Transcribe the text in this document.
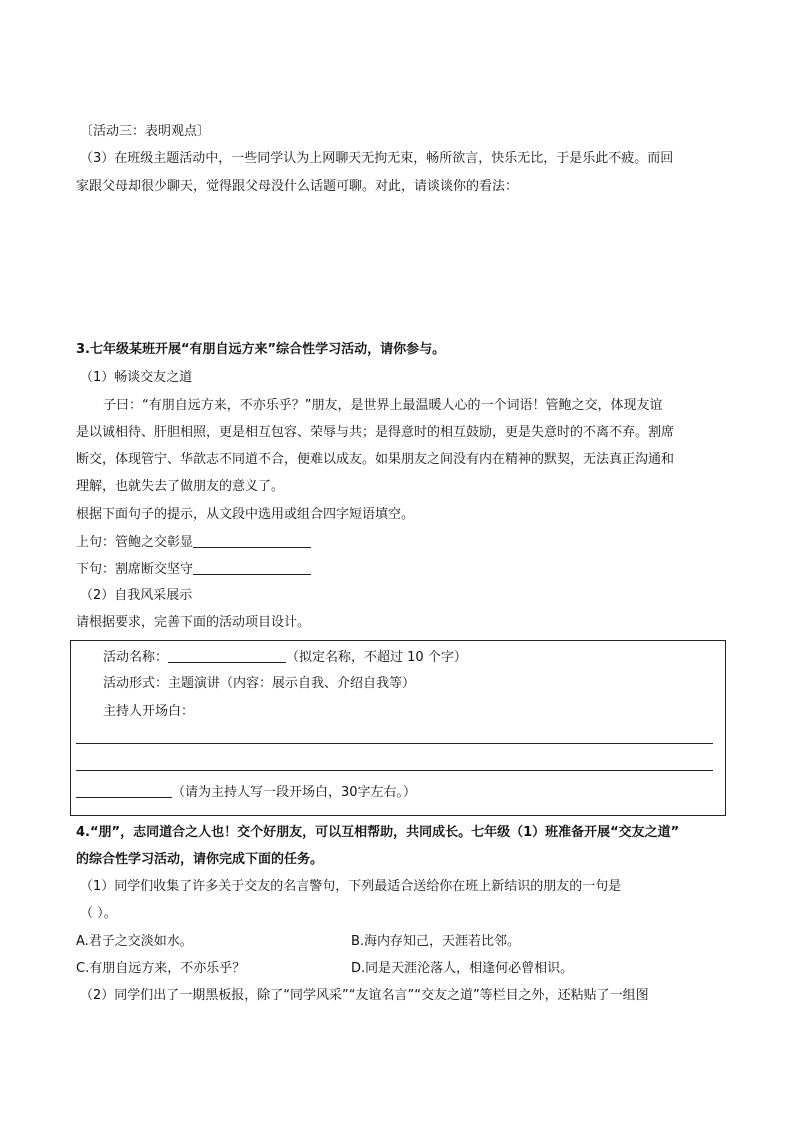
〔活动三：表明观点〕
（3）在班级主题活动中，一些同学认为上网聊天无拘无束，畅所欲言，快乐无比，于是乐此不疲。而回
家跟父母却很少聊天，觉得跟父母没什么话题可聊。对此，请谈谈你的看法：
3.七年级某班开展“有朋自远方来”综合性学习活动，请你参与。
（1）畅谈交友之道
子曰：“有朋自远方来，不亦乐乎？”朋友，是世界上最温暖人心的一个词语！管鲍之交，体现友谊
是以诚相待、肝胆相照，更是相互包容、荣辱与共；是得意时的相互鼓励，更是失意时的不离不弃。割席
断交，体现管宁、华歆志不同道不合，便难以成友。如果朋友之间没有内在精神的默契，无法真正沟通和
理解，也就失去了做朋友的意义了。
根据下面句子的提示，从文段中选用或组合四字短语填空。
上句：管鲍之交彰显
下句：割席断交坚守
（2）自我风采展示
请根据要求，完善下面的活动项目设计。
活动名称：	（拟定名称，不超过 10 个字）
活动形式：主题演讲（内容：展示自我、介绍自我等）
主持人开场白：
（请为主持人写一段开场白，30字左右。）
4.“朋”，志同道合之人也！交个好朋友，可以互相帮助，共同成长。七年级（1）班准备开展“交友之道”
的综合性学习活动，请你完成下面的任务。
（1）同学们收集了许多关于交友的名言警句，下列最适合送给你在班上新结识的朋友的一句是
（ ）。
A.君子之交淡如水。	B.海内存知己，天涯若比邻。
C.有朋自远方来，不亦乐乎？	D.同是天涯沦落人，相逢何必曾相识。
（2）同学们出了一期黑板报，除了“同学风采”“友谊名言”“交友之道”等栏目之外，还粘贴了一组图
